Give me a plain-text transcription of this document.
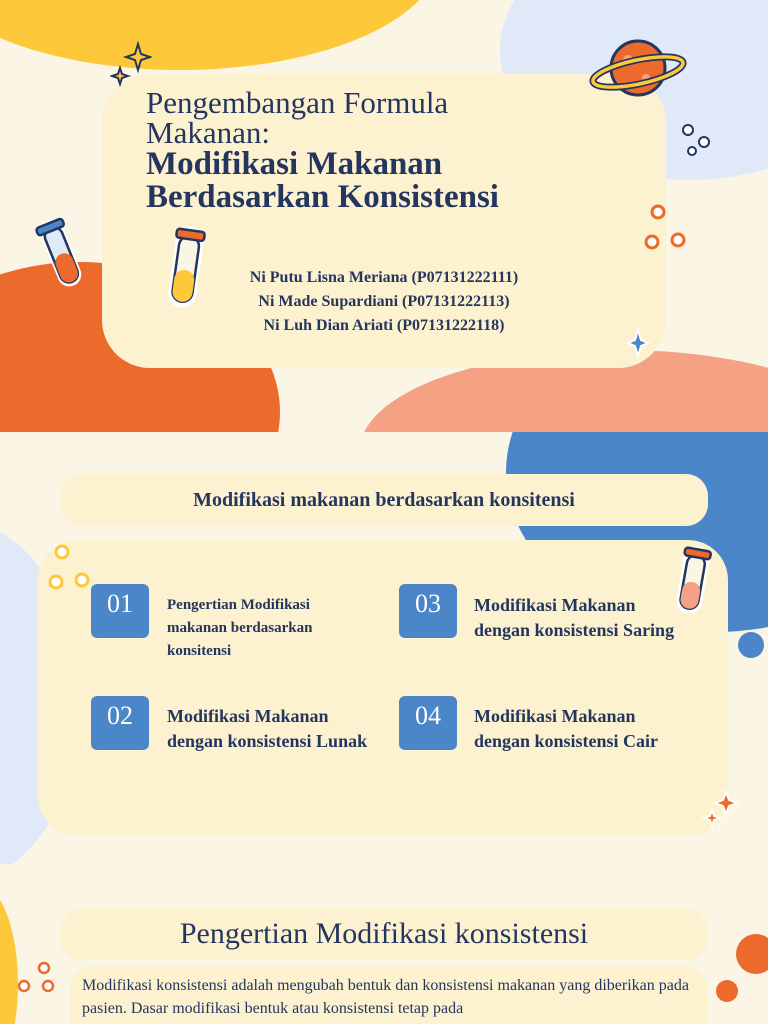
Pengembangan Formula
Makanan:
Modifikasi Makanan
Berdasarkan Konsistensi
Ni Putu Lisna Meriana (P07131222111)
Ni Made Supardiani (P07131222113)
Ni Luh Dian Ariati (P07131222118)
Modifikasi makanan berdasarkan konsitensi
01	Pengertian Modifikasi makanan berdasarkan konsitensi
02	Modifikasi Makanan dengan konsistensi Lunak
03	Modifikasi Makanan dengan konsistensi Saring
04	Modifikasi Makanan dengan konsistensi Cair
Pengertian Modifikasi konsistensi

Modifikasi konsistensi adalah mengubah bentuk dan konsistensi makanan yang diberikan pada pasien. Dasar modifikasi bentuk atau konsistensi tetap pada
